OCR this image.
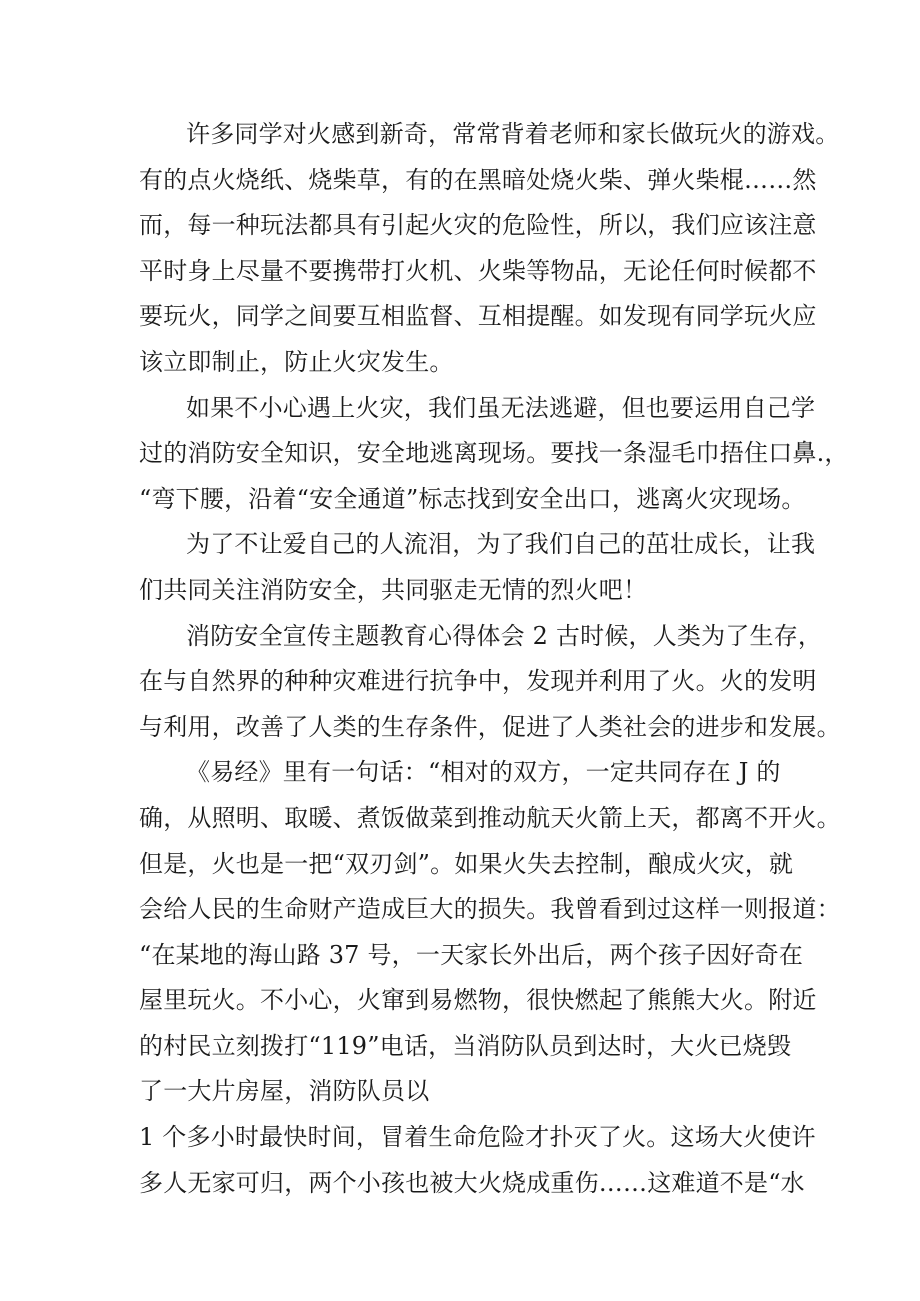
许多同学对火感到新奇，常常背着老师和家长做玩火的游戏。
有的点火烧纸、烧柴草，有的在黑暗处烧火柴、弹火柴棍……然
而，每一种玩法都具有引起火灾的危险性，所以，我们应该注意
平时身上尽量不要携带打火机、火柴等物品，无论任何时候都不
要玩火，同学之间要互相监督、互相提醒。如发现有同学玩火应
该立即制止，防止火灾发生。
如果不小心遇上火灾，我们虽无法逃避，但也要运用自己学
过的消防安全知识，安全地逃离现场。要找一条湿毛巾捂住口鼻.，
“弯下腰，沿着“安全通道”标志找到安全出口，逃离火灾现场。
为了不让爱自己的人流泪，为了我们自己的茁壮成长，让我
们共同关注消防安全，共同驱走无情的烈火吧！
消防安全宣传主题教育心得体会 2 古时候，人类为了生存，
在与自然界的种种灾难进行抗争中，发现并利用了火。火的发明
与利用，改善了人类的生存条件，促进了人类社会的进步和发展。
《易经》里有一句话：“相对的双方，一定共同存在 J 的
确，从照明、取暖、煮饭做菜到推动航天火箭上天，都离不开火。
但是，火也是一把“双刃剑”。如果火失去控制，酿成火灾，就
会给人民的生命财产造成巨大的损失。我曾看到过这样一则报道：
“在某地的海山路 37 号，一天家长外出后，两个孩子因好奇在
屋里玩火。不小心，火窜到易燃物，很快燃起了熊熊大火。附近
的村民立刻拨打“119”电话，当消防队员到达时，大火已烧毁
了一大片房屋，消防队员以
1 个多小时最快时间，冒着生命危险才扑灭了火。这场大火使许
多人无家可归，两个小孩也被大火烧成重伤……这难道不是“水
